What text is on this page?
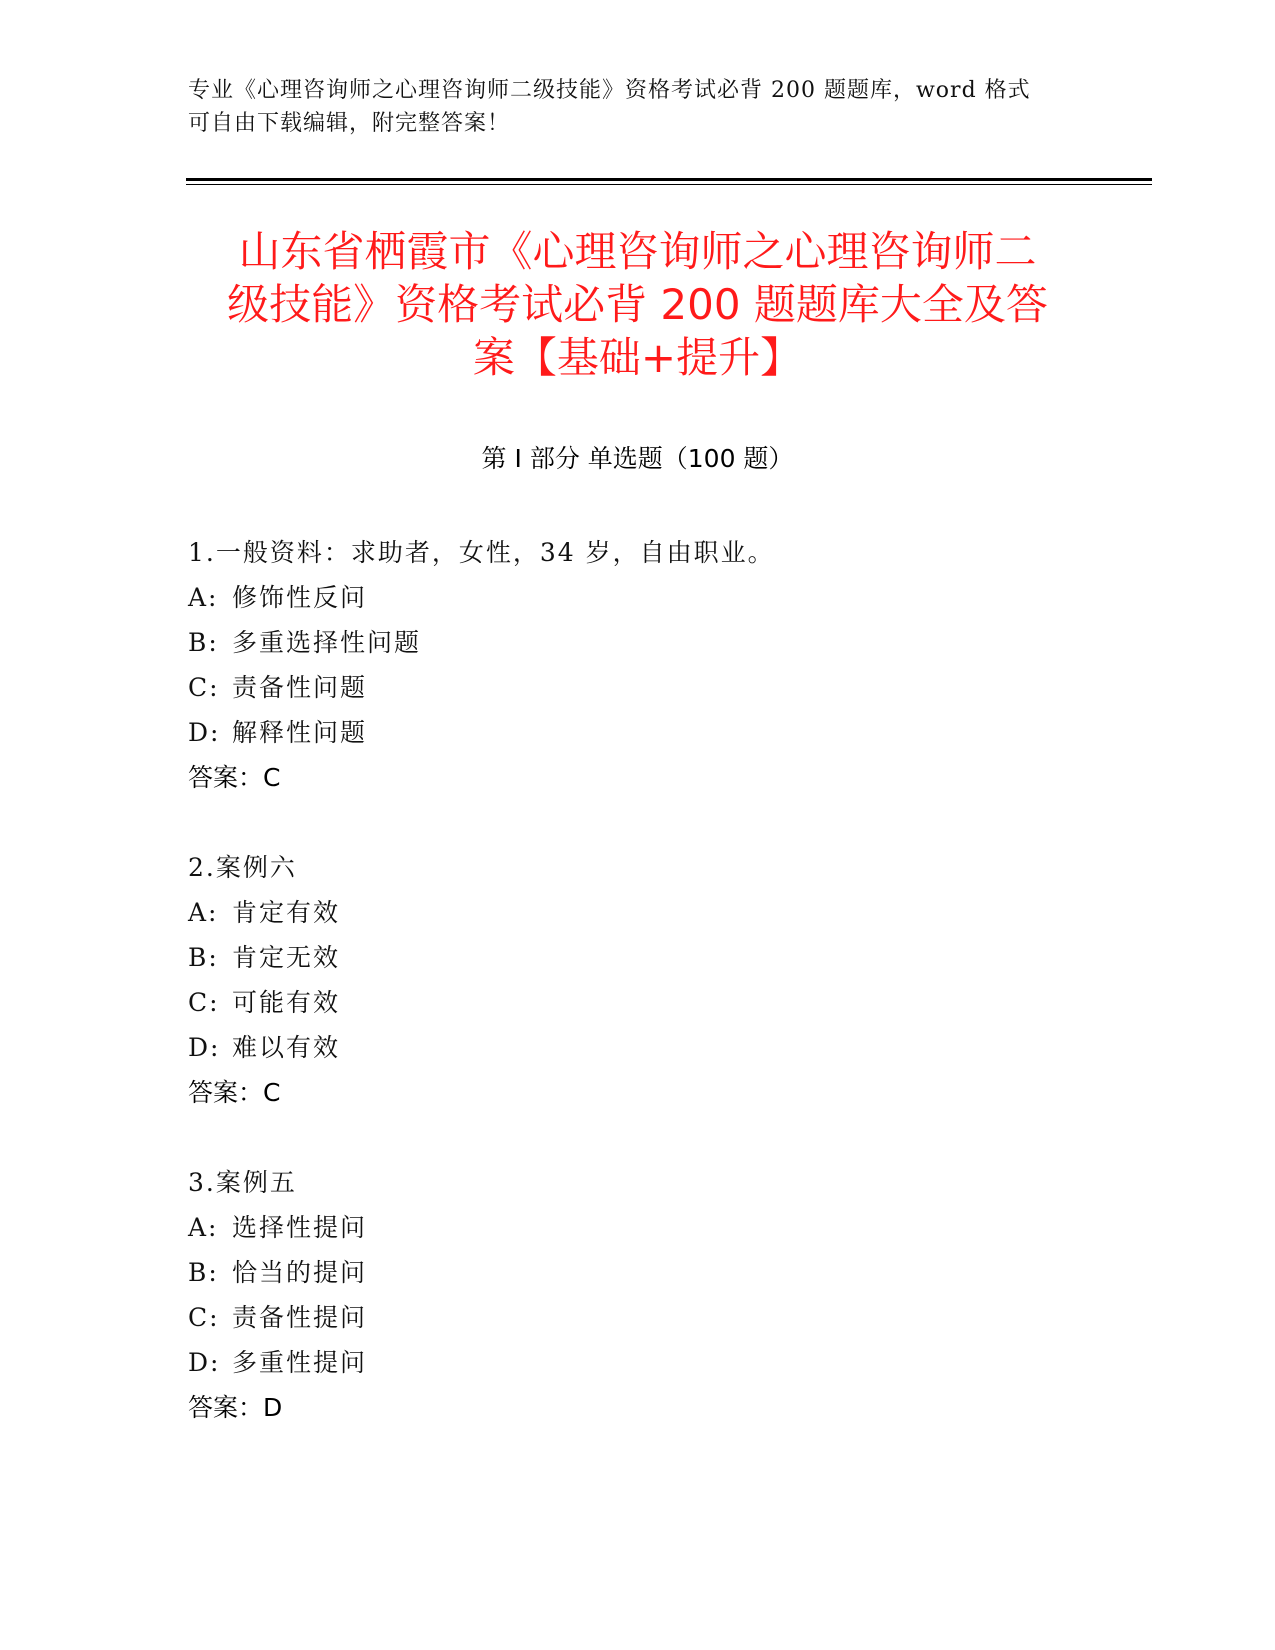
专业《心理咨询师之心理咨询师二级技能》资格考试必背 200 题题库，word 格式
可自由下载编辑，附完整答案！
山东省栖霞市《心理咨询师之心理咨询师二
级技能》资格考试必背 200 题题库大全及答
案【基础+提升】
第 I 部分 单选题（100 题）
1.一般资料：求助者，女性，34 岁，自由职业。
A: 修饰性反问
B: 多重选择性问题
C: 责备性问题
D: 解释性问题
答案：C
2.案例六
A: 肯定有效
B: 肯定无效
C: 可能有效
D: 难以有效
答案：C
3.案例五
A: 选择性提问
B: 恰当的提问
C: 责备性提问
D: 多重性提问
答案：D
